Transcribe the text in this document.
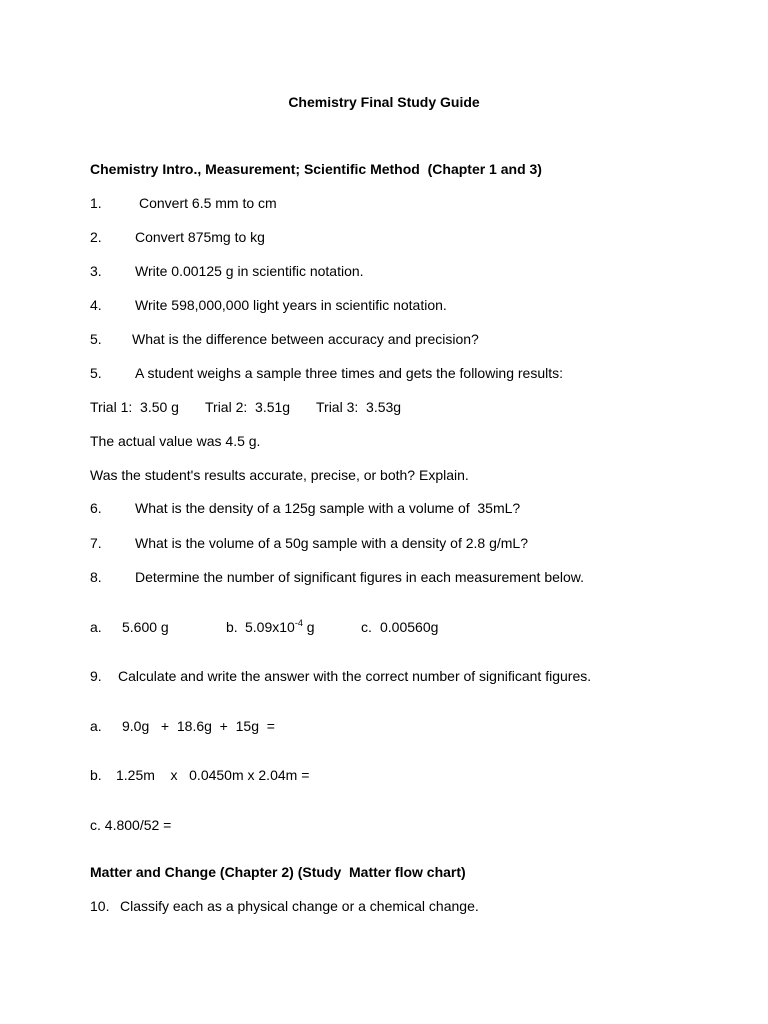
Chemistry Final Study Guide
Chemistry Intro., Measurement; Scientific Method  (Chapter 1 and 3)
1.	Convert 6.5 mm to cm
2. Convert 875mg to kg
3. Write 0.00125 g in scientific notation.
4. Write 598,000,000 light years in scientific notation.
5. What is the difference between accuracy and precision?
5. A student weighs a sample three times and gets the following results:
Trial 1:  3.50 g Trial 2:  3.51g Trial 3:  3.53g
The actual value was 4.5 g.
Was the student's results accurate, precise, or both? Explain.
6. What is the density of a 125g sample with a volume of  35mL?
7. What is the volume of a 50g sample with a density of 2.8 g/mL?
8. Determine the number of significant figures in each measurement below.
a. 5.600 g	b. $5.09x10^{-4}$ g	c. 0.00560g
9. Calculate and write the answer with the correct number of significant figures.
a. 9.0g   +  18.6g  +  15g  =
b. 1.25m    x   0.0450m x 2.04m =
c. 4.800/52 =
Matter and Change (Chapter 2) (Study  Matter flow chart)
10. Classify each as a physical change or a chemical change.
